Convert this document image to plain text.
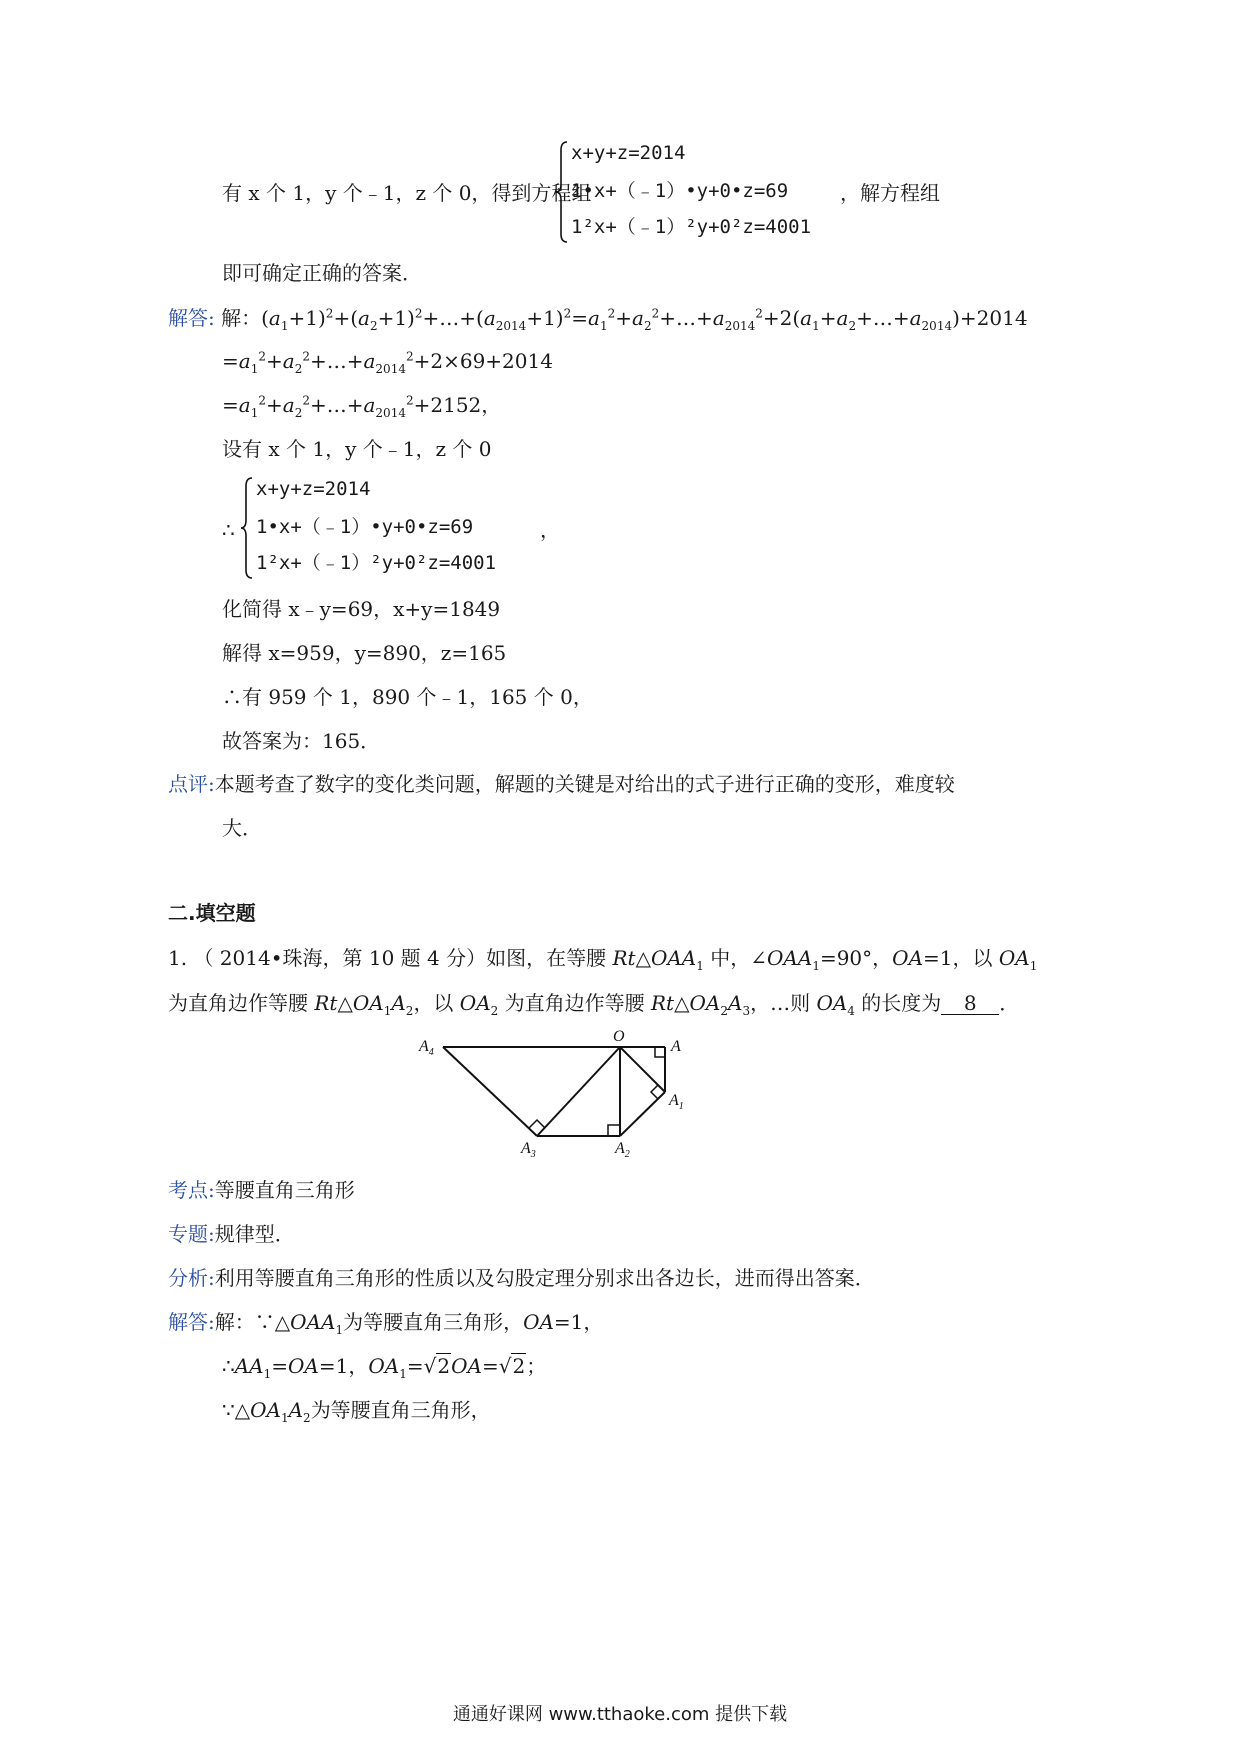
有 x 个 1，y 个﹣1，z 个 0，得到方程组
x+y+z=2014
1•x+（﹣1）•y+0•z=69
1²x+（﹣1）²y+0²z=4001
，解方程组
即可确定正确的答案．
解答: 解：$(a_1+1)^2+(a_2+1)^2+\dots+(a_{2014}+1)^2=a_1^2+a_2^2+\dots+a_{2014}^2+2(a_1+a_2+\dots+a_{2014})+2014$
$=a_1^2+a_2^2+\dots+a_{2014}^2+2\times 69+2014$
$=a_1^2+a_2^2+\dots+a_{2014}^2+2152$，
设有 x 个 1，y 个﹣1，z 个 0
∴
x+y+z=2014
1•x+（﹣1）•y+0•z=69
1²x+（﹣1）²y+0²z=4001
，
化简得 x﹣y=69，x+y=1849
解得 x=959，y=890，z=165
∴有 959 个 1，890 个﹣1，165 个 0，
故答案为：165．
点评:本题考查了数字的变化类问题，解题的关键是对给出的式子进行正确的变形，难度较
大．
二.填空题
1. （ 2014•珠海，第 10 题 4 分）如图，在等腰 $Rt\triangle OAA_1$ 中，$\angle OAA_1=90^\circ$，OA=1，以 $OA_1$
为直角边作等腰 $Rt\triangle OA_1A_2$，以 $OA_2$ 为直角边作等腰 $Rt\triangle OA_2A_3$，…则 $OA_4$ 的长度为 8 ．
$A_4$
O
A
$A_1$
$A_3$	$A_2$
考点:等腰直角三角形
专题:规律型．
分析:利用等腰直角三角形的性质以及勾股定理分别求出各边长，进而得出答案．
解答:解：$\because\triangle OAA_1$为等腰直角三角形，OA=1，
$\therefore AA_1=OA=1$，$OA_1=√2OA=√2$；
$\because\triangle OA_1A_2$为等腰直角三角形，
通通好课网 www.tthaoke.com 提供下载
